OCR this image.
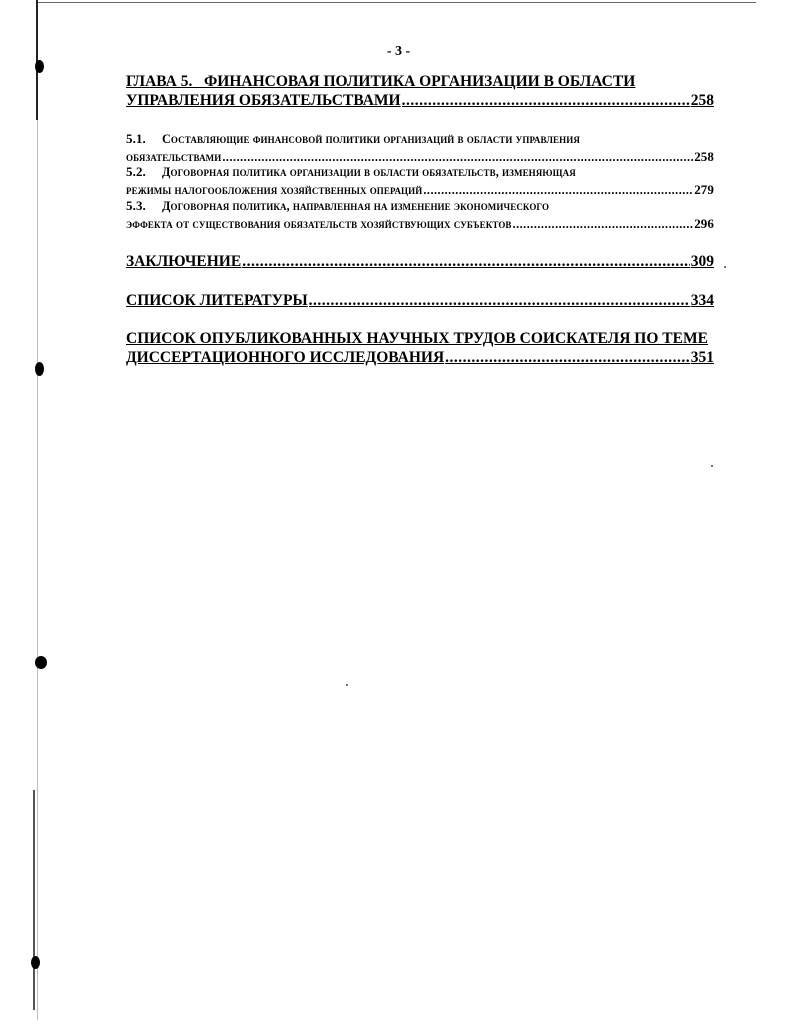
- 3 -
ГЛАВА 5. ФИНАНСОВАЯ ПОЛИТИКА ОРГАНИЗАЦИИ В ОБЛАСТИ
УПРАВЛЕНИЯ ОБЯЗАТЕЛЬСТВАМИ .....	258
5.1. Составляющие финансовой политики организаций в области управления
обязательствами .....	258
5.2. Договорная политика организации в области обязательств, изменяющая
режимы налогообложения хозяйственных операций .....	279
5.3. Договорная политика, направленная на изменение экономического
эффекта от существования обязательств хозяйствующих субъектов .....	296
ЗАКЛЮЧЕНИЕ .....	309
СПИСОК ЛИТЕРАТУРЫ .....	334
СПИСОК ОПУБЛИКОВАННЫХ НАУЧНЫХ ТРУДОВ СОИСКАТЕЛЯ ПО ТЕМЕ
ДИССЕРТАЦИОННОГО ИССЛЕДОВАНИЯ .....	351
